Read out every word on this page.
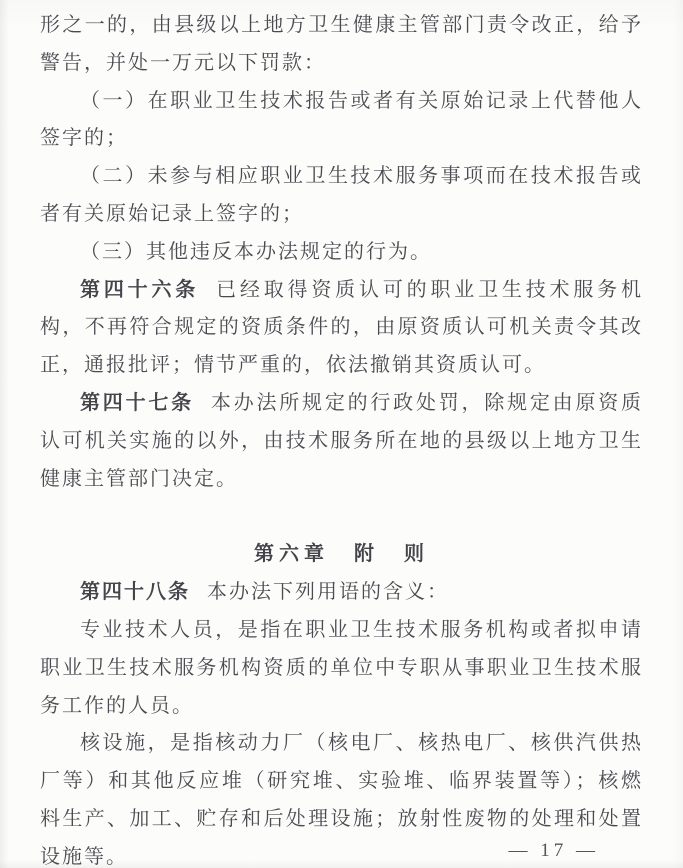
形之一的，由县级以上地方卫生健康主管部门责令改正，给予警告，并处一万元以下罚款：

（一）在职业卫生技术报告或者有关原始记录上代替他人签字的；

（二）未参与相应职业卫生技术服务事项而在技术报告或者有关原始记录上签字的；

（三）其他违反本办法规定的行为。

第四十六条 已经取得资质认可的职业卫生技术服务机构，不再符合规定的资质条件的，由原资质认可机关责令其改正，通报批评；情节严重的，依法撤销其资质认可。

第四十七条 本办法所规定的行政处罚，除规定由原资质认可机关实施的以外，由技术服务所在地的县级以上地方卫生健康主管部门决定。

第六章　附　则

第四十八条 本办法下列用语的含义：

专业技术人员，是指在职业卫生技术服务机构或者拟申请职业卫生技术服务机构资质的单位中专职从事职业卫生技术服务工作的人员。

核设施，是指核动力厂（核电厂、核热电厂、核供汽供热厂等）和其他反应堆（研究堆、实验堆、临界装置等）；核燃料生产、加工、贮存和后处理设施；放射性废物的处理和处置设施等。	— 17 —
